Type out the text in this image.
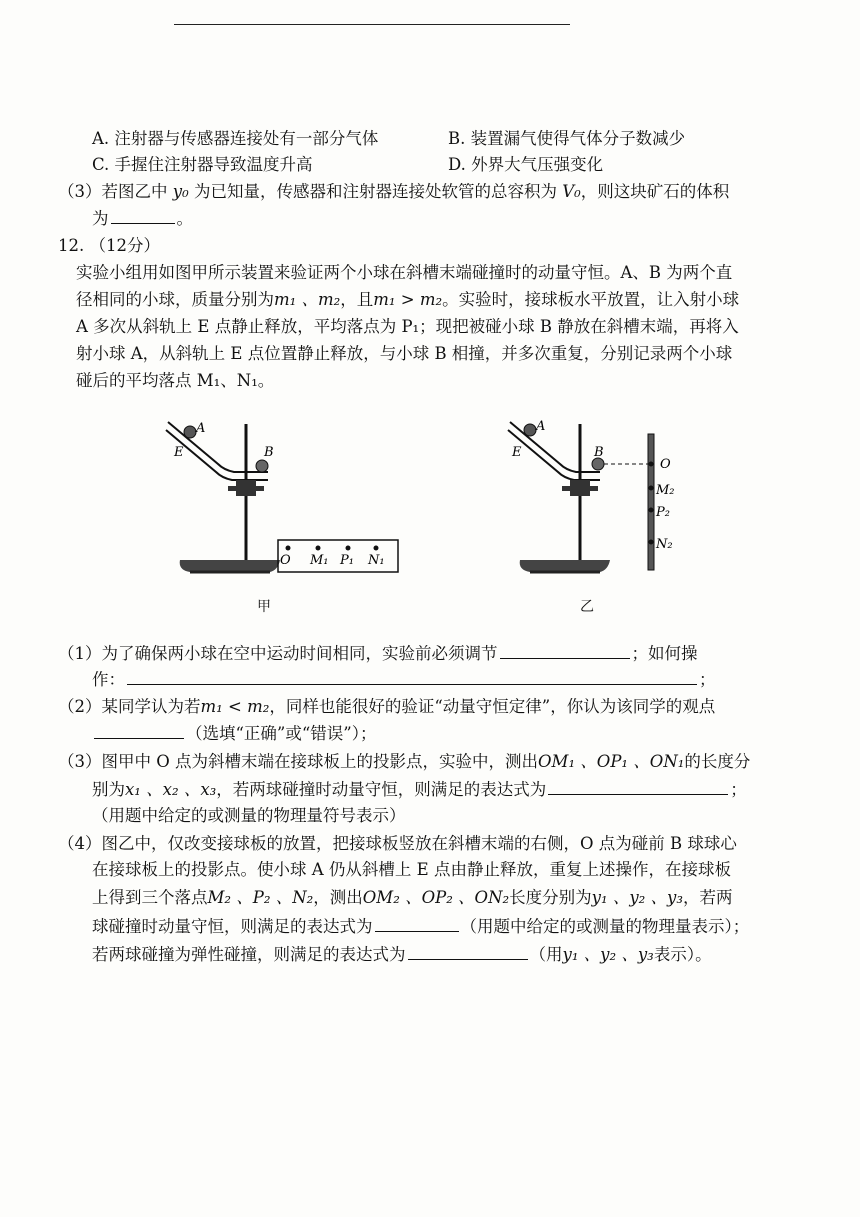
A. 注射器与传感器连接处有一部分气体	B. 装置漏气使得气体分子数减少
C. 手握住注射器导致温度升高	D. 外界大气压强变化
（3）若图乙中 y₀ 为已知量，传感器和注射器连接处软管的总容积为 V₀，则这块矿石的体积
为	。
12. （12分）
实验小组用如图甲所示装置来验证两个小球在斜槽末端碰撞时的动量守恒。A、B 为两个直
径相同的小球，质量分别为m₁ 、m₂，且m₁ > m₂。实验时，接球板水平放置，让入射小球
A 多次从斜轨上 E 点静止释放，平均落点为 P₁；现把被碰小球 B 静放在斜槽末端，再将入
射小球 A，从斜轨上 E 点位置静止释放，与小球 B 相撞，并多次重复，分别记录两个小球
碰后的平均落点 M₁、N₁。
A
E	B
O M₁ P₁ N₁
A
E	B
O
M₂
P₂
N₂
甲	乙
（1）为了确保两小球在空中运动时间相同，实验前必须调节	；如何操
作：	；
（2）某同学认为若m₁ < m₂，同样也能很好的验证“动量守恒定律”，你认为该同学的观点
（选填“正确”或“错误”）；
（3）图甲中 O 点为斜槽末端在接球板上的投影点，实验中，测出OM₁ 、OP₁ 、ON₁的长度分
别为x₁ 、x₂ 、x₃，若两球碰撞时动量守恒，则满足的表达式为	；
（用题中给定的或测量的物理量符号表示）
（4）图乙中，仅改变接球板的放置，把接球板竖放在斜槽末端的右侧，O 点为碰前 B 球球心
在接球板上的投影点。使小球 A 仍从斜槽上 E 点由静止释放，重复上述操作，在接球板
上得到三个落点M₂ 、P₂ 、N₂，测出OM₂ 、OP₂ 、ON₂长度分别为y₁ 、y₂ 、y₃，若两
球碰撞时动量守恒，则满足的表达式为	（用题中给定的或测量的物理量表示）；
若两球碰撞为弹性碰撞，则满足的表达式为	（用y₁ 、y₂ 、y₃表示）。
